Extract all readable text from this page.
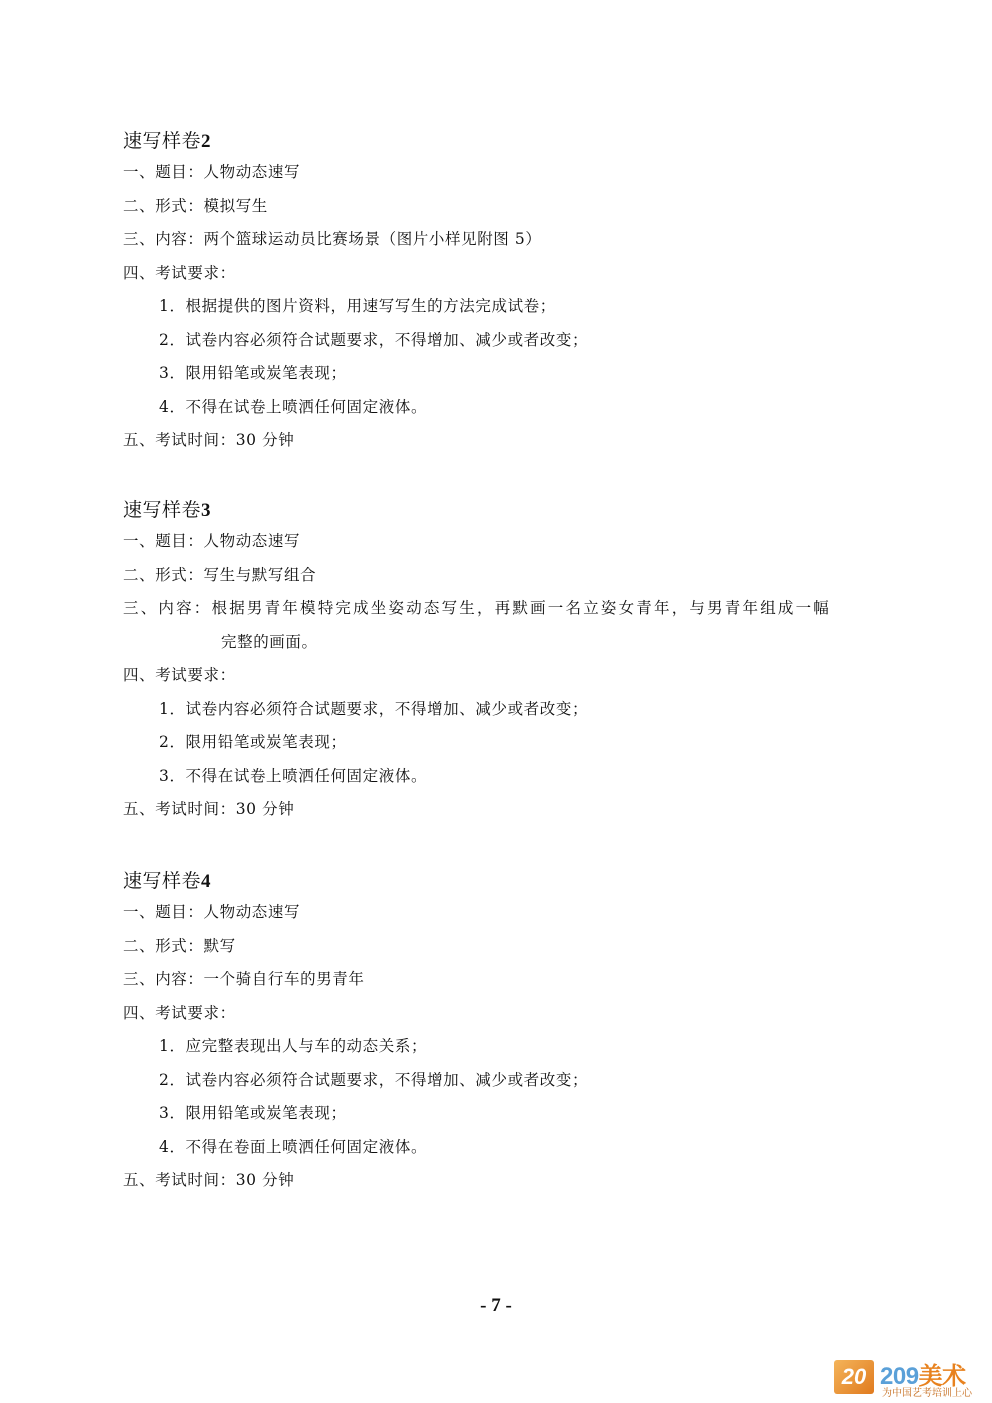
速写样卷2
一、题目：人物动态速写
二、形式：模拟写生
三、内容：两个篮球运动员比赛场景（图片小样见附图 5）
四、考试要求：
1．根据提供的图片资料，用速写写生的方法完成试卷；
2．试卷内容必须符合试题要求，不得增加、减少或者改变；
3．限用铅笔或炭笔表现；
4．不得在试卷上喷洒任何固定液体。
五、考试时间：30 分钟
速写样卷3
一、题目：人物动态速写
二、形式：写生与默写组合
三、内容：根据男青年模特完成坐姿动态写生，再默画一名立姿女青年，与男青年组成一幅
完整的画面。
四、考试要求：
1．试卷内容必须符合试题要求，不得增加、减少或者改变；
2．限用铅笔或炭笔表现；
3．不得在试卷上喷洒任何固定液体。
五、考试时间：30 分钟
速写样卷4
一、题目：人物动态速写
二、形式：默写
三、内容：一个骑自行车的男青年
四、考试要求：
1．应完整表现出人与车的动态关系；
2．试卷内容必须符合试题要求，不得增加、减少或者改变；
3．限用铅笔或炭笔表现；
4．不得在卷面上喷洒任何固定液体。
五、考试时间：30 分钟
- 7 -
20 209美术
为中国艺考培训上心
